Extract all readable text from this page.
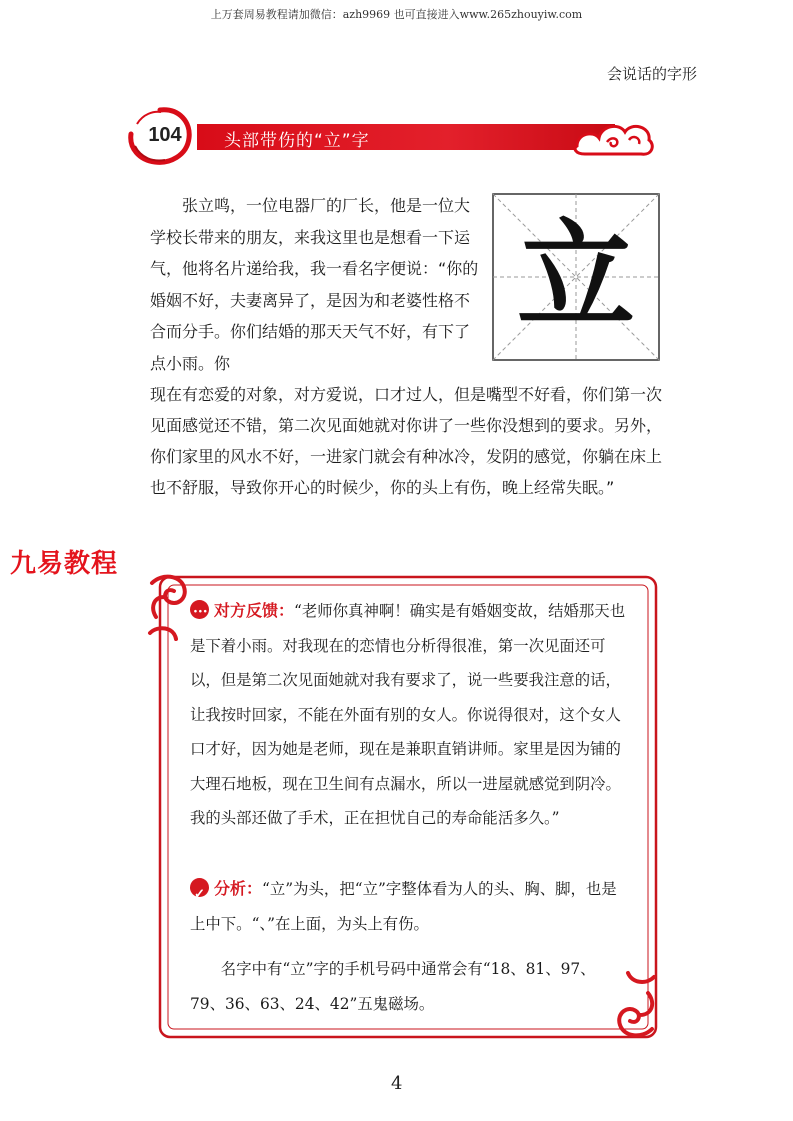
上万套周易教程请加微信：azh9969 也可直接进入www.265zhouyiw.com
会说话的字形
104	头部带伤的“立”字
立

张立鸣，一位电器厂的厂长，他是一位大学校长带来的朋友，来我这里也是想看一下运气，他将名片递给我，我一看名字便说：“你的婚姻不好，夫妻离异了，是因为和老婆性格不合而分手。你们结婚的那天天气不好，有下了点小雨。你

现在有恋爱的对象，对方爱说，口才过人，但是嘴型不好看，你们第一次见面感觉还不错，第二次见面她就对你讲了一些你没想到的要求。另外，你们家里的风水不好，一进家门就会有种冰冷，发阴的感觉，你躺在床上也不舒服，导致你开心的时候少，你的头上有伤，晚上经常失眠。”

九易教程

···对方反馈：“老师你真神啊！确实是有婚姻变故，结婚那天也是下着小雨。对我现在的恋情也分析得很准，第一次见面还可以，但是第二次见面她就对我有要求了，说一些要我注意的话，让我按时回家，不能在外面有别的女人。你说得很对，这个女人口才好，因为她是老师，现在是兼职直销讲师。家里是因为铺的大理石地板，现在卫生间有点漏水，所以一进屋就感觉到阴冷。我的头部还做了手术，正在担忧自己的寿命能活多久。”

✓分析：“立”为头，把“立”字整体看为人的头、胸、脚，也是上中下。“、”在上面，为头上有伤。

名字中有“立”字的手机号码中通常会有“18、81、97、79、36、63、24、42”五鬼磁场。

4
